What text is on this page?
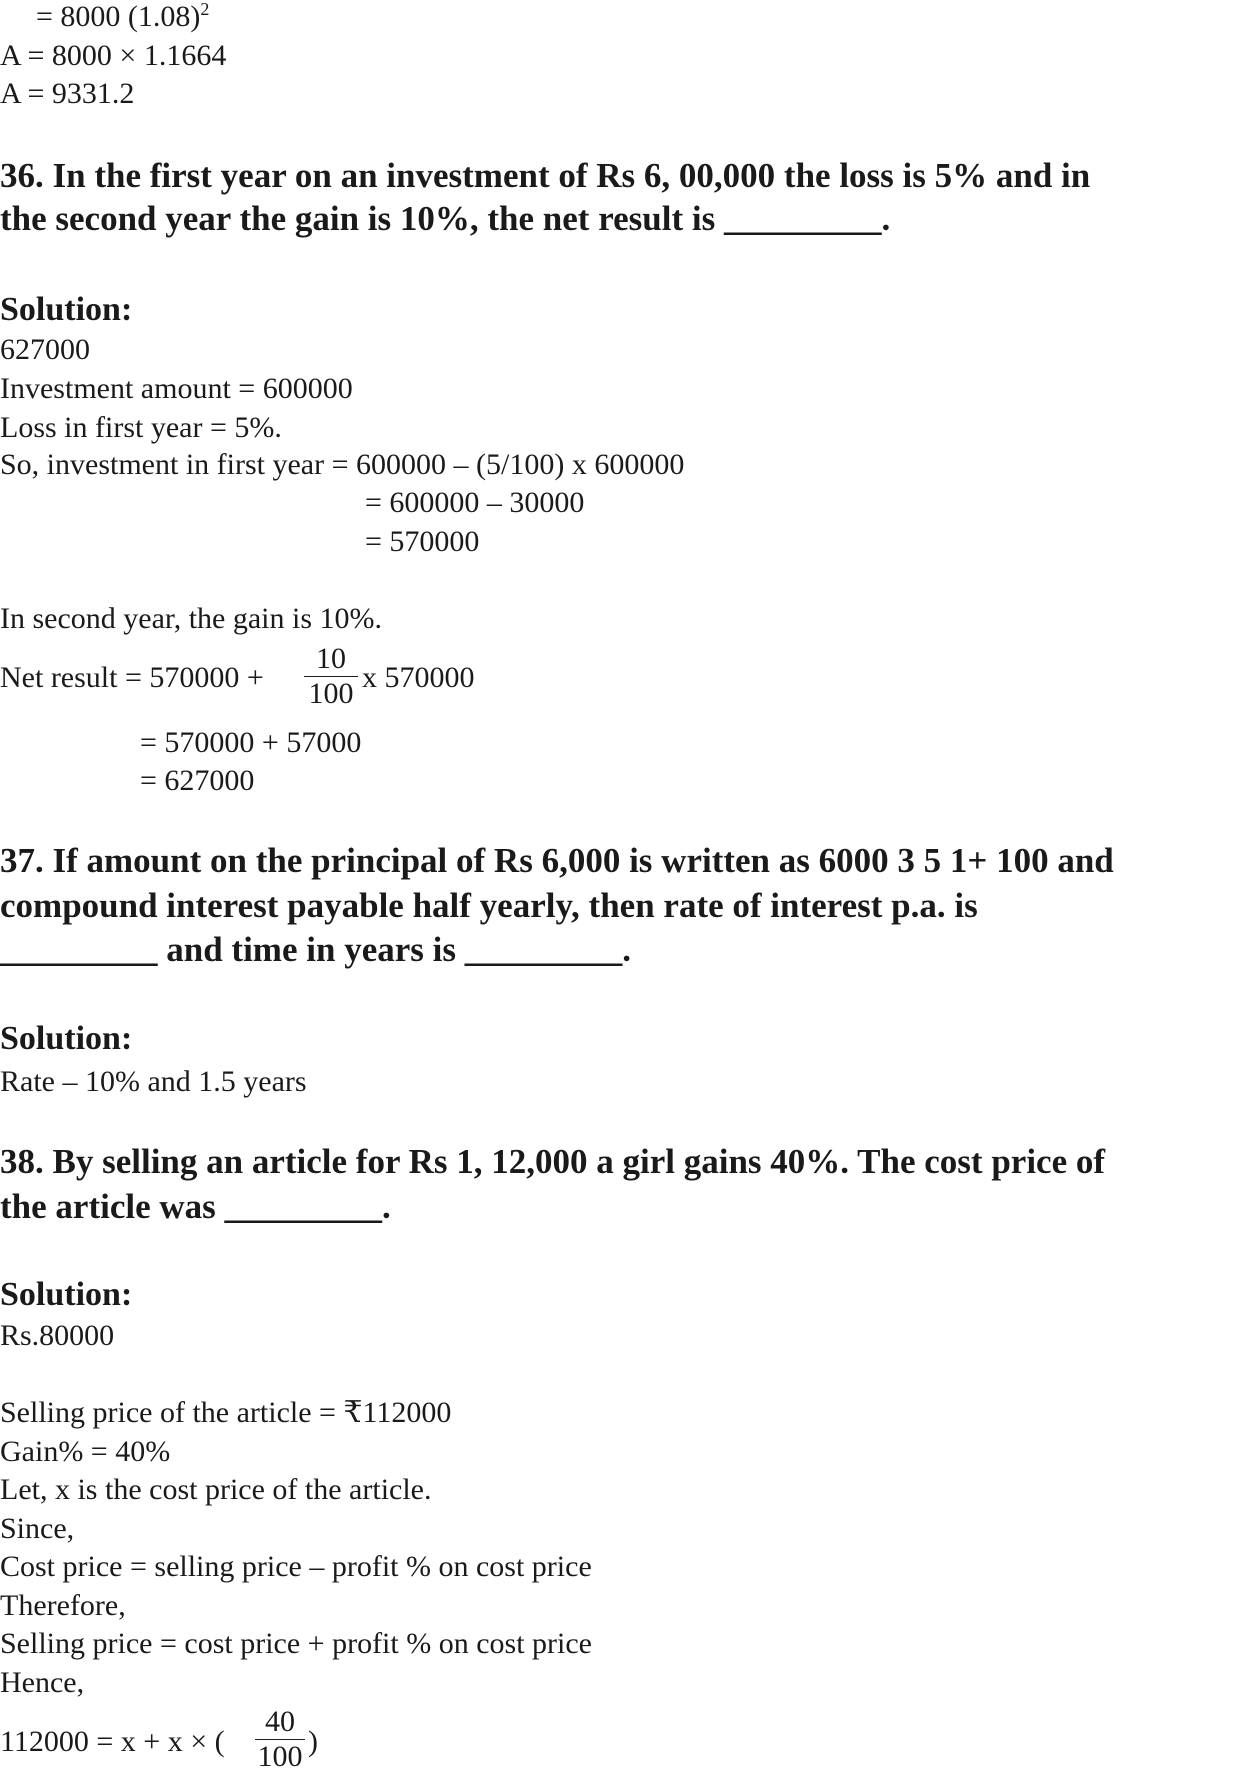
= 8000 $(1.08)^2$
A = 8000 × 1.1664
A = 9331.2
36. In the first year on an investment of Rs 6, 00,000 the loss is 5% and in
the second year the gain is 10%, the net result is _________.
Solution:
627000
Investment amount = 600000
Loss in first year = 5%.
So, investment in first year = 600000 – (5/100) x 600000
= 600000 – 30000
= 570000
In second year, the gain is 10%.
Net result = $570000 + \frac{10}{100}$ x 570000
= 570000 + 57000
= 627000
37. If amount on the principal of Rs 6,000 is written as 6000 3 5 1+ 100 and
compound interest payable half yearly, then rate of interest p.a. is
_________ and time in years is _________.
Solution:
Rate – 10% and 1.5 years
38. By selling an article for Rs 1, 12,000 a girl gains 40%. The cost price of
the article was _________.
Solution:
Rs.80000
Selling price of the article = ₹112000
Gain% = 40%
Let, x is the cost price of the article.
Since,
Cost price = selling price – profit % on cost price
Therefore,
Selling price = cost price + profit % on cost price
Hence,
112000 = x + x × ( $\frac{40}{100}$ )
